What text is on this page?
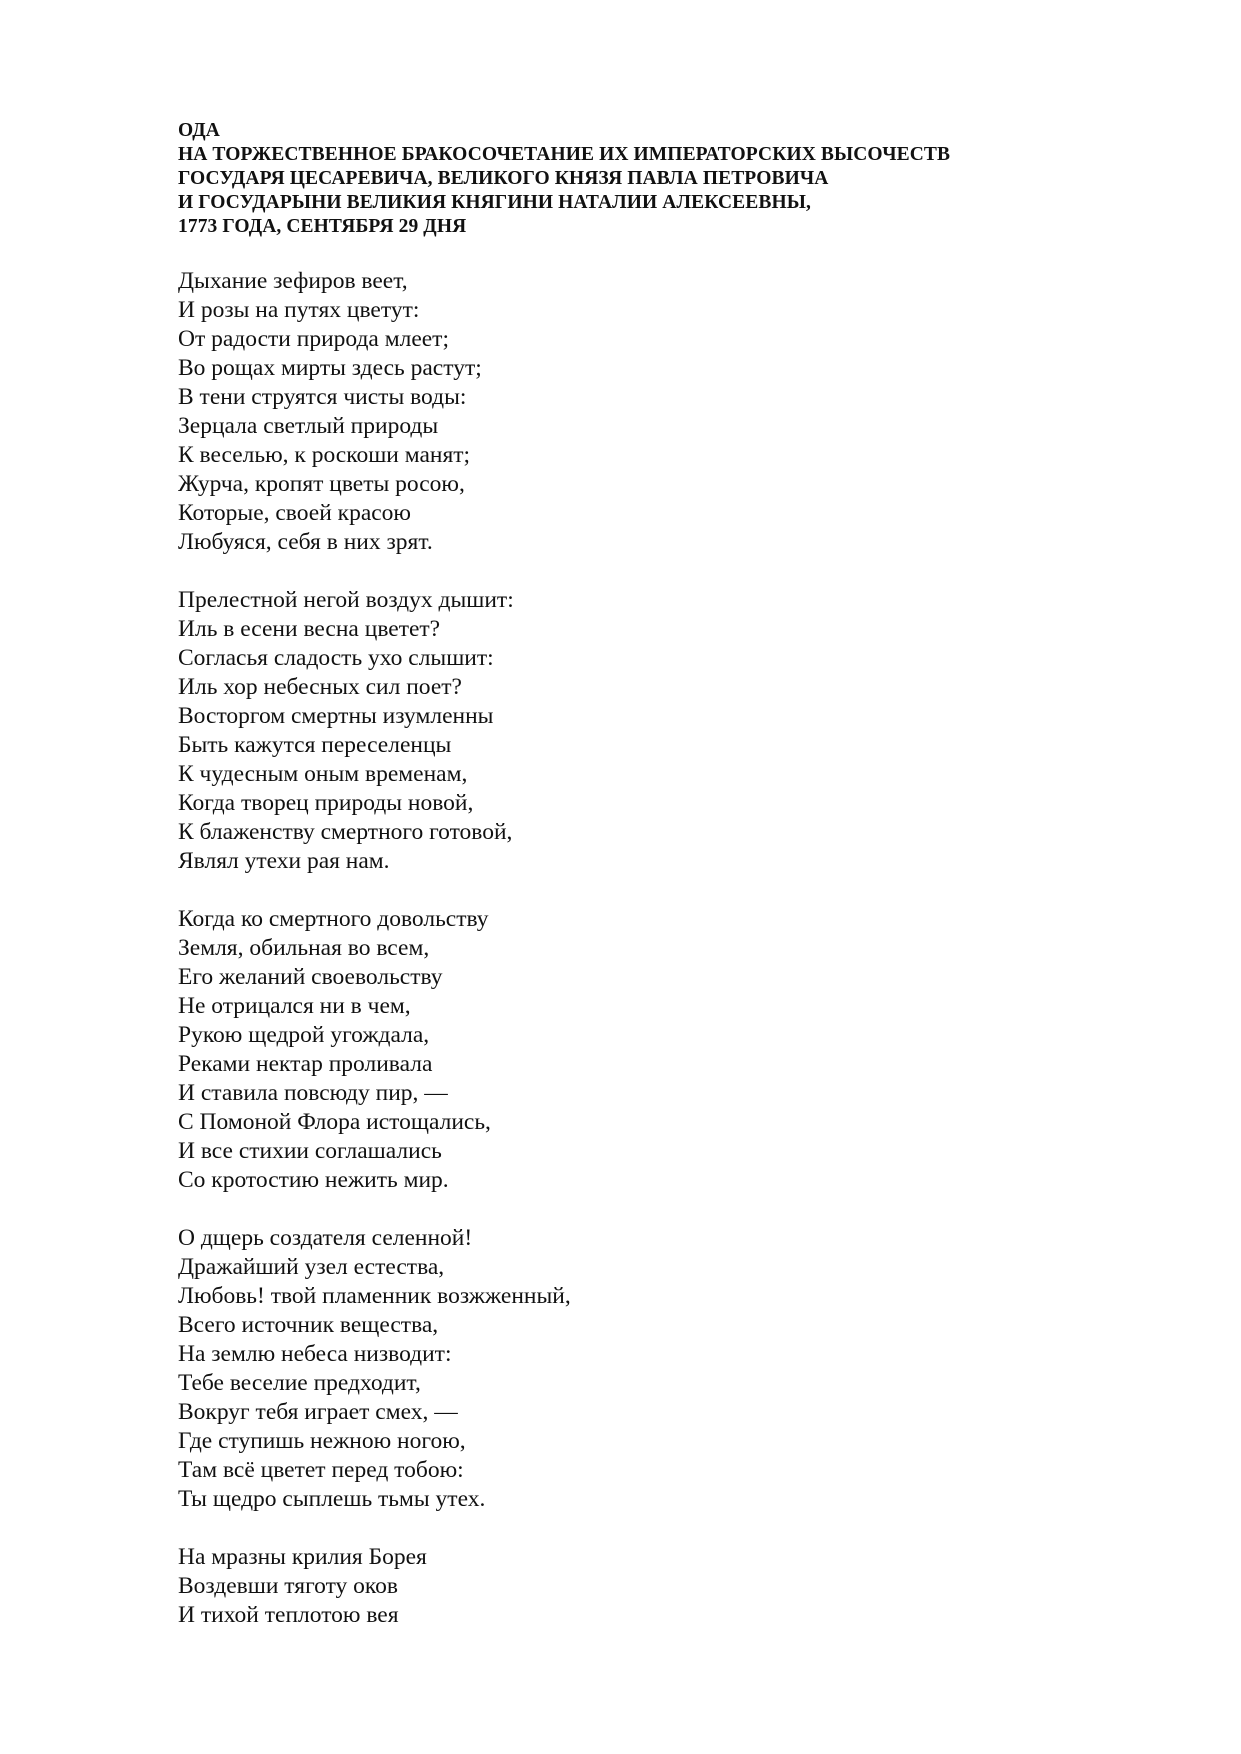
ОДА
НА ТОРЖЕСТВЕННОЕ БРАКОСОЧЕТАНИЕ ИХ ИМПЕРАТОРСКИХ ВЫСОЧЕСТВ
ГОСУДАРЯ ЦЕСАРЕВИЧА, ВЕЛИКОГО КНЯЗЯ ПАВЛА ПЕТРОВИЧА
И ГОСУДАРЫНИ ВЕЛИКИЯ КНЯГИНИ НАТАЛИИ АЛЕКСЕЕВНЫ,
1773 ГОДА, СЕНТЯБРЯ 29 ДНЯ
Дыхание зефиров веет,
И розы на путях цветут:
От радости природа млеет;
Во рощах мирты здесь растут;
В тени струятся чисты воды:
Зерцала светлый природы
К веселью, к роскоши манят;
Журча, кропят цветы росою,
Которые, своей красою
Любуяся, себя в них зрят.
Прелестной негой воздух дышит:
Иль в есени весна цветет?
Согласья сладость ухо слышит:
Иль хор небесных сил поет?
Восторгом смертны изумленны
Быть кажутся переселенцы
К чудесным оным временам,
Когда творец природы новой,
К блаженству смертного готовой,
Являл утехи рая нам.
Когда ко смертного довольству
Земля, обильная во всем,
Его желаний своевольству
Не отрицался ни в чем,
Рукою щедрой угождала,
Реками нектар проливала
И ставила повсюду пир, —
С Помоной Флора истощались,
И все стихии соглашались
Со кротостию нежить мир.
О дщерь создателя селенной!
Дражайший узел естества,
Любовь! твой пламенник возжженный,
Всего источник вещества,
На землю небеса низводит:
Тебе веселие предходит,
Вокруг тебя играет смех, —
Где ступишь нежною ногою,
Там всё цветет перед тобою:
Ты щедро сыплешь тьмы утех.
На мразны крилия Борея
Воздевши тяготу оков
И тихой теплотою вея
